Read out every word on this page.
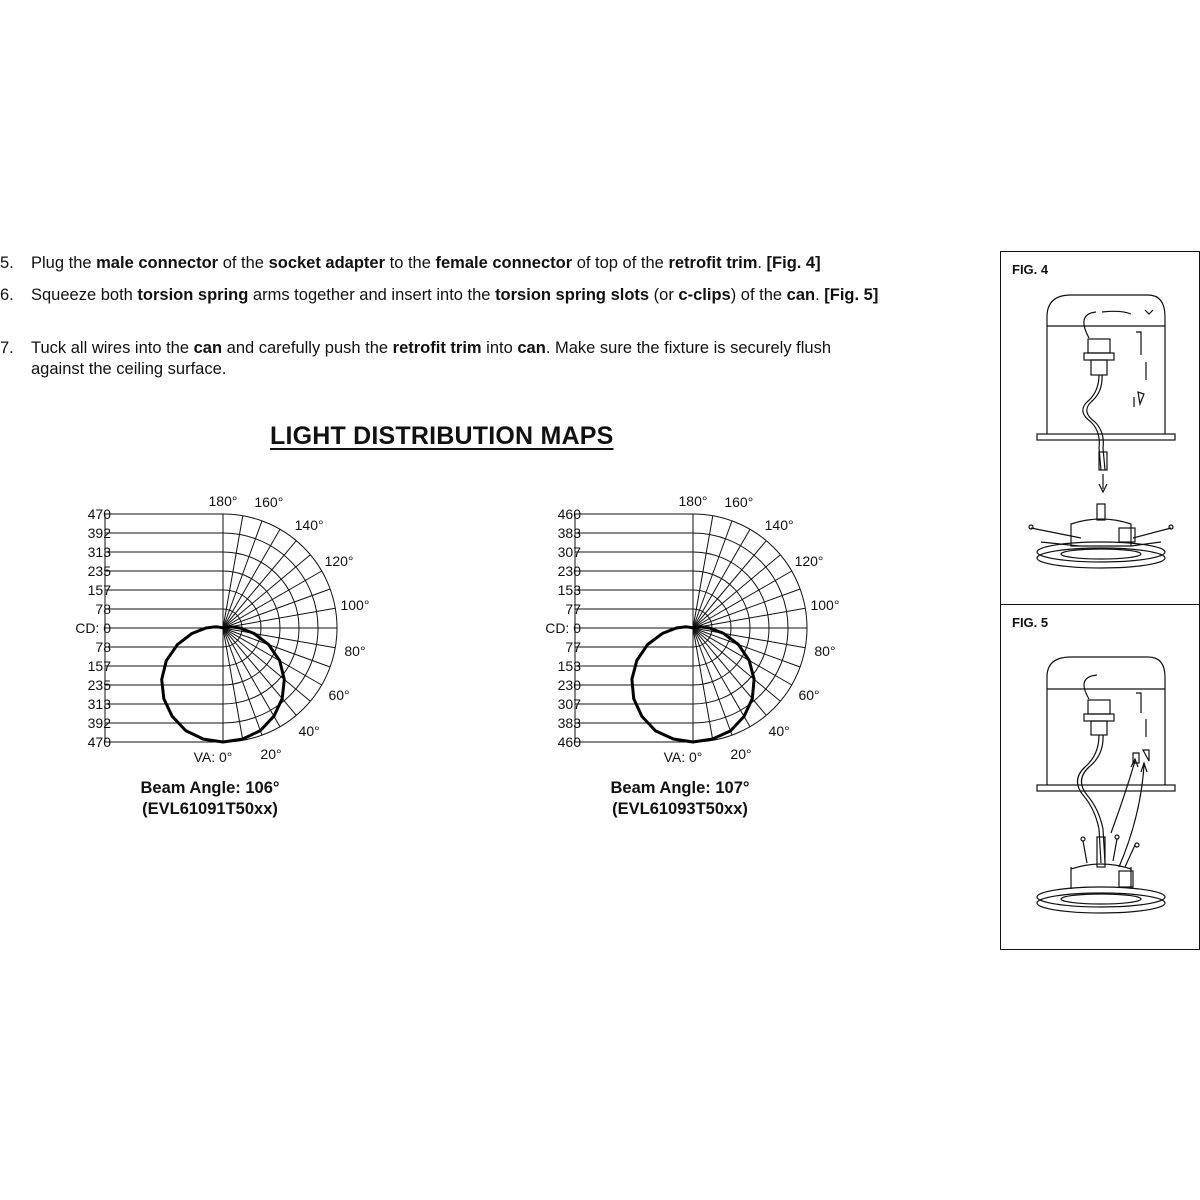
5.	Plug the male connector of the socket adapter to the female connector of top of the retrofit trim. [Fig. 4]
6.	Squeeze both torsion spring arms together and insert into the torsion spring slots (or c-clips) of the can. [Fig. 5]
7.	Tuck all wires into the can and carefully push the retrofit trim into can. Make sure the fixture is securely flush against the ceiling surface.
LIGHT DISTRIBUTION MAPS
470
392
313
235
157
78
CD: 0
78
157
235
313
392
470
VA: 0° 20°
40°
60°
80°
100°
120°
140°
160°
180°
Beam Angle: 106°
(EVL61091T50xx)
460
383
307
230
153
77
CD: 0
77
153
230
307
383
460
VA: 0° 20°
40°
60°
80°
100°
120°
140°
160°
180°
Beam Angle: 107°
(EVL61093T50xx)
FIG. 4
FIG. 5
